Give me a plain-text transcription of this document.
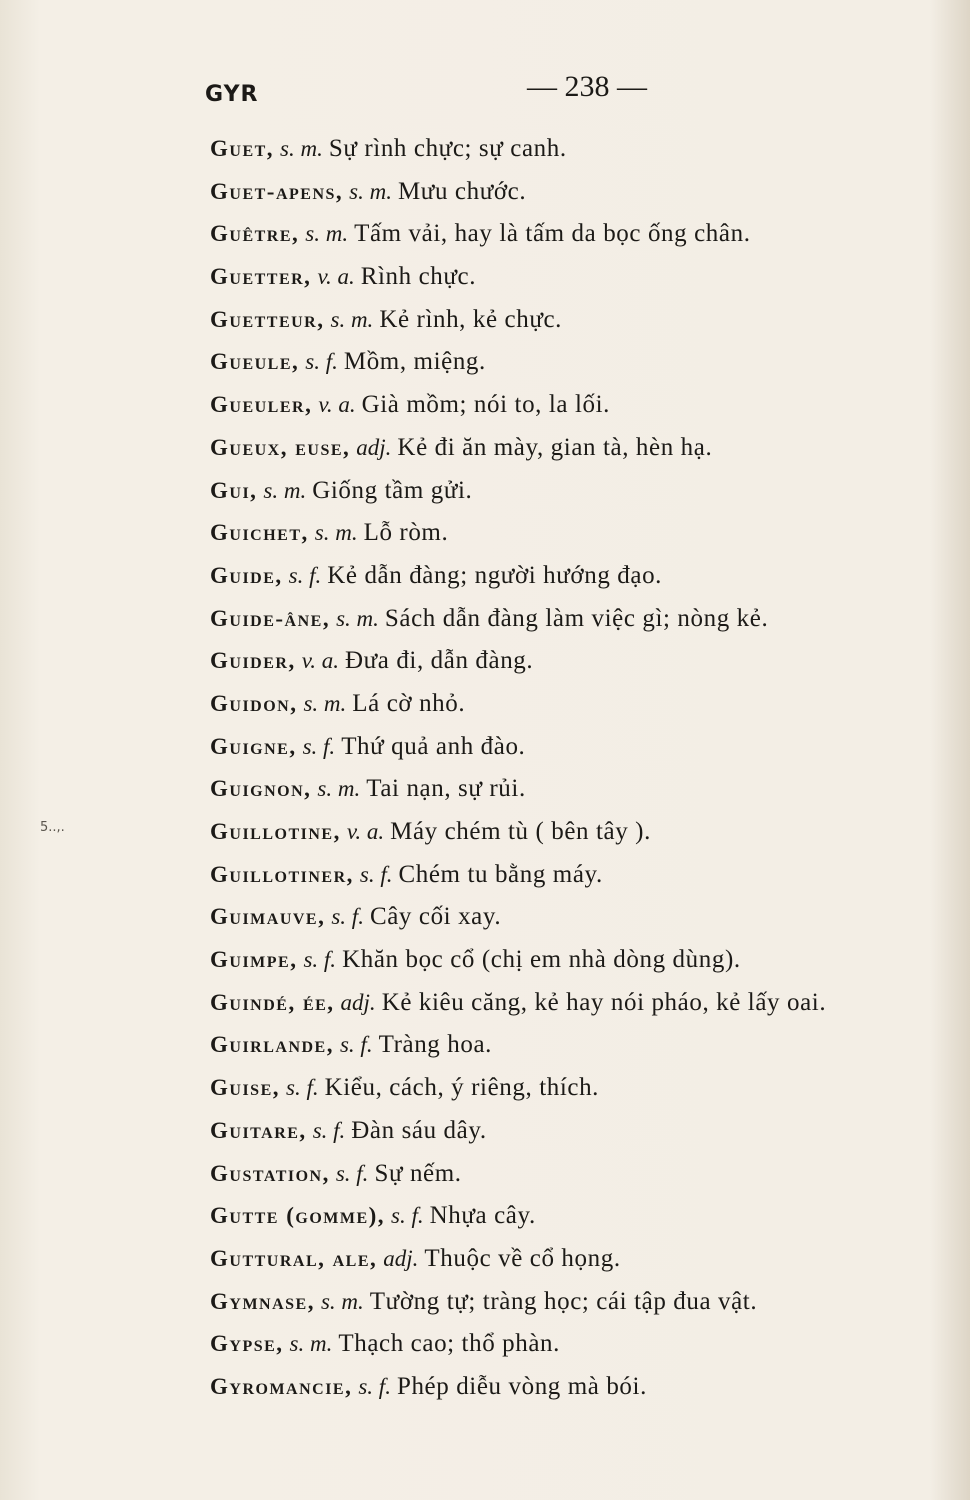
GYR	— 238 —
5..,.
Guet, s. m. Sự rình chực; sự canh.
Guet-apens, s. m. Mưu chước.
Guêtre, s. m. Tấm vải, hay là tấm da bọc ống chân.
Guetter, v. a. Rình chực.
Guetteur, s. m. Kẻ rình, kẻ chực.
Gueule, s. f. Mồm, miệng.
Gueuler, v. a. Già mồm; nói to, la lối.
Gueux, euse, adj. Kẻ đi ăn mày, gian tà, hèn hạ.
Gui, s. m. Giống tầm gửi.
Guichet, s. m. Lỗ ròm.
Guide, s. f. Kẻ dẫn đàng; người hướng đạo.
Guide-âne, s. m. Sách dẫn đàng làm việc gì; nòng kẻ.
Guider, v. a. Đưa đi, dẫn đàng.
Guidon, s. m. Lá cờ nhỏ.
Guigne, s. f. Thứ quả anh đào.
Guignon, s. m. Tai nạn, sự rủi.
Guillotine, v. a. Máy chém tù ( bên tây ).
Guillotiner, s. f. Chém tu bằng máy.
Guimauve, s. f. Cây cối xay.
Guimpe, s. f. Khăn bọc cổ (chị em nhà dòng dùng).
Guindé, ée, adj. Kẻ kiêu căng, kẻ hay nói pháo, kẻ lấy oai.
Guirlande, s. f. Tràng hoa.
Guise, s. f. Kiểu, cách, ý riêng, thích.
Guitare, s. f. Đàn sáu dây.
Gustation, s. f. Sự nếm.
Gutte (gomme), s. f. Nhựa cây.
Guttural, ale, adj. Thuộc về cổ họng.
Gymnase, s. m. Tường tự; tràng học; cái tập đua vật.
Gypse, s. m. Thạch cao; thổ phàn.
Gyromancie, s. f. Phép diễu vòng mà bói.
